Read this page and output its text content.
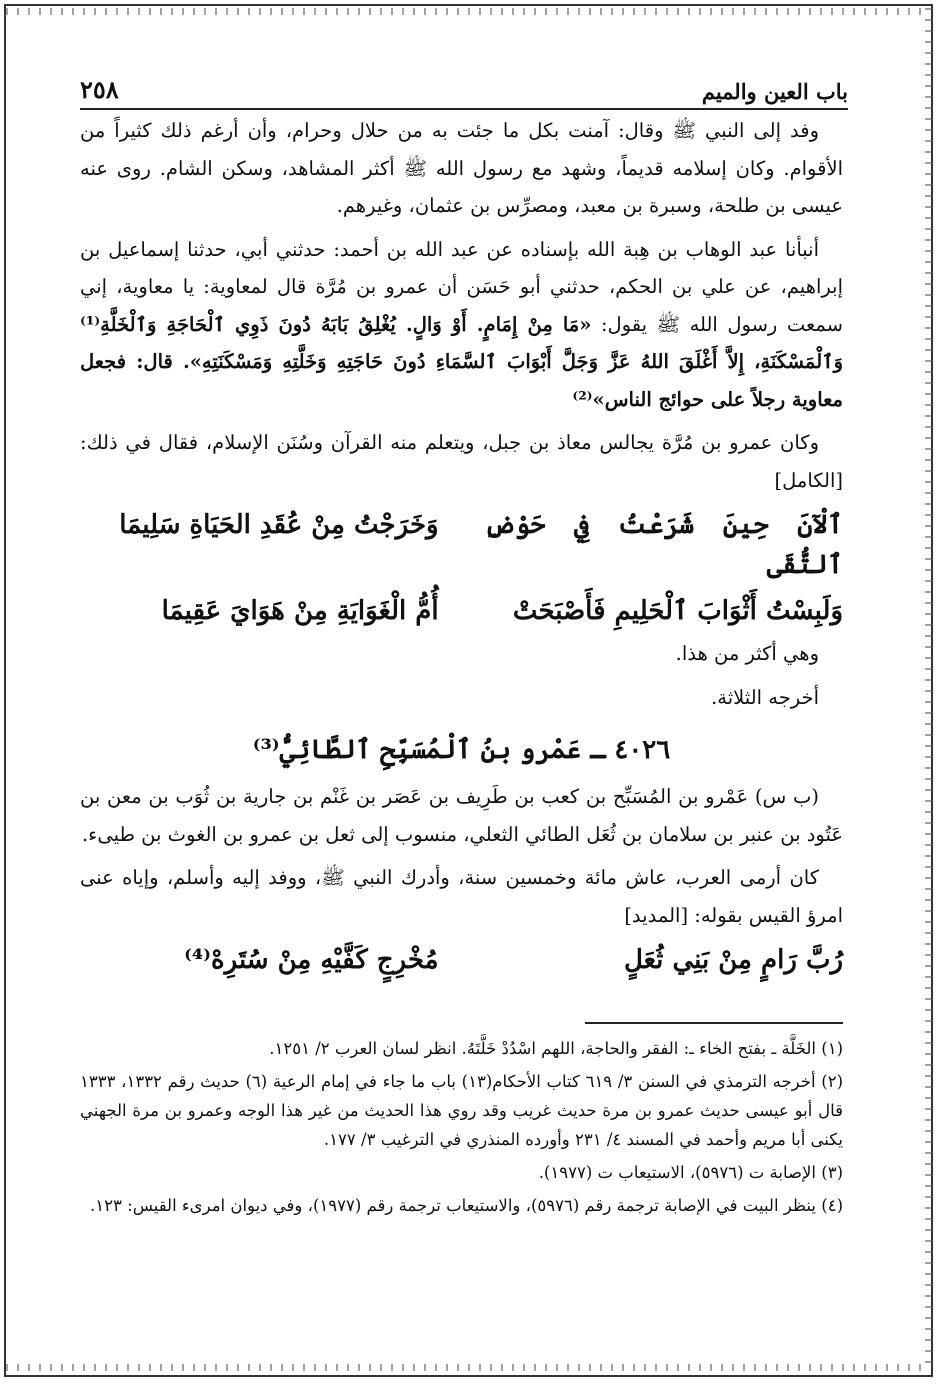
باب العين والميم
٢٥٨

وفد إلى النبي ﷺ وقال: آمنت بكل ما جئت به من حلال وحرام، وأن أرغم ذلك كثيراً من الأقوام. وكان إسلامه قديماً، وشهد مع رسول الله ﷺ أكثر المشاهد، وسكن الشام. روى عنه عيسى بن طلحة، وسبرة بن معبد، ومصرِّس بن عثمان، وغيرهم.

أنبأنا عبد الوهاب بن هِبة الله بإسناده عن عبد الله بن أحمد: حدثني أبي، حدثنا إسماعيل بن إبراهيم، عن علي بن الحكم، حدثني أبو حَسَن أن عمرو بن مُرَّة قال لمعاوية: يا معاوية، إني سمعت رسول الله ﷺ يقول: «مَا مِنْ إِمَامٍ. أَوْ وَالٍ. يُغْلِقُ بَابَهُ دُونَ ذَوِي ٱلْحَاجَةِ وَٱلْخَلَّةِ⁽¹⁾ وَٱلْمَسْكَنَةِ، إِلاَّ أَغْلَقَ اللهُ عَزَّ وَجَلَّ أَبْوَابَ ٱلسَّمَاءِ دُونَ حَاجَتِهِ وَخَلَّتِهِ وَمَسْكَنَتِهِ». قال: فجعل معاوية رجلاً على حوائج الناس»⁽²⁾

وكان عمرو بن مُرَّة يجالس معاذ بن جبل، ويتعلم منه القرآن وسُنَن الإسلام، فقال في ذلك: [الكامل]

ٱلْآنَ حِينَ شَرَعْتُ فِي حَوْضِ ٱلتُّقَى
وَخَرَجْتُ مِنْ عُقَدِ الحَيَاةِ سَلِيمَا
وَلَبِسْتُ أَثْوَابَ ٱلْحَلِيمِ فَأَصْبَحَتْ
أُمُّ الْغَوَايَةِ مِنْ هَوَايَ عَقِيمَا

وهي أكثر من هذا.

أخرجه الثلاثة.

٤٠٢٦ ـ عَمْرو بنُ ٱلْمُسَبِّحِ ٱلطَّائِيُّ⁽³⁾

(ب س) عَمْرو بن المُسَبِّح بن كعب بن طَرِيف بن عَصَر بن غَنْم بن جارية بن ثُوَب بن معن بن عَتُود بن عنبر بن سلامان بن ثُعَل الطائي الثعلي، منسوب إلى ثعل بن عمرو بن الغوث بن طيىء.

كان أرمى العرب، عاش مائة وخمسين سنة، وأدرك النبي ﷺ، ووفد إليه وأسلم، وإياه عنى امرؤ القيس بقوله: [المديد]

رُبَّ رَامٍ مِنْ بَنِي ثُعَلٍ
مُخْرِجٍ كَفَّيْهِ مِنْ سُتَرِهْ⁽⁴⁾

(١) الخَلَّة ـ بفتح الخاء ـ: الفقر والحاجة، اللهم اسْدُدْ خَلَّتَهُ. انظر لسان العرب ٢/ ١٢٥١.

(٢) أخرجه الترمذي في السنن ٣/ ٦١٩ كتاب الأحكام(١٣) باب ما جاء في إمام الرعية (٦) حديث رقم ١٣٣٢، ١٣٣٣ قال أبو عيسى حديث عمرو بن مرة حديث غريب وقد روي هذا الحديث من غير هذا الوجه وعمرو بن مرة الجهني يكنى أبا مريم وأحمد في المسند ٤/ ٢٣١ وأورده المنذري في الترغيب ٣/ ١٧٧.

(٣) الإصابة ت (٥٩٧٦)، الاستيعاب ت (١٩٧٧).

(٤) ينظر البيت في الإصابة ترجمة رقم (٥٩٧٦)، والاستيعاب ترجمة رقم (١٩٧٧)، وفي ديوان امرىء القيس: ١٢٣.
